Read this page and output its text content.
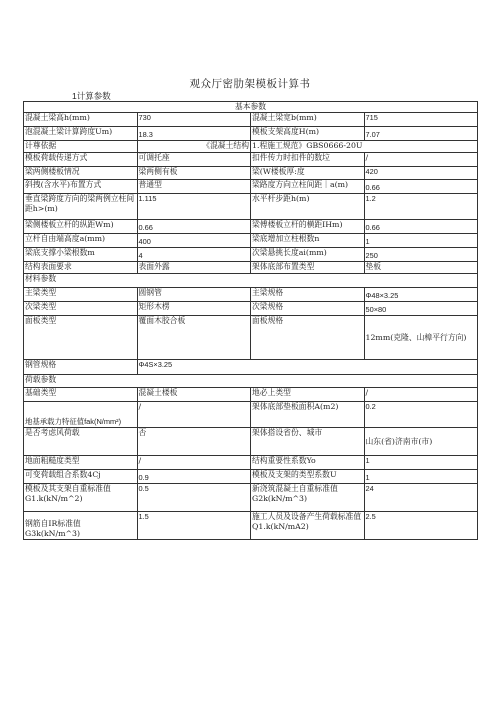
观众厅密肋架模板计算书
1计算参数
基本参数			
混凝土梁高h(mm)	730	混凝土梁宽b(mm)	715
泡混凝土梁计算跨度Um)	18.3	模板支架高度H(m)	7.07
计尊依据	《混凝土结构	1.程施工规范》GBS0666-20U	
模板荷载传递方式	可调托座	扣件传力时扣件的数垃	/
梁两侧楼板情况	梁两侧有板	梁(W楼板厚:度	420
斜拽(含水平)布置方式	普通型	梁路度方向立柱间距｜a(m)	0.66
垂直梁跨度方向的梁两例立柱间距h>(m)	1.115	水平杆步距h(m)	1.2
梁侧楼板立杆的纵距Wm)	0.66	梁傅楼板立杆的横距IHm)	0.66
立杆自由端高度a(mm)	400	梁底增加立柱根数n	1
梁底支撑小梁根数m	4	次梁悬挑长度ai(mm)	250
结构表面要求	表面外露	架体底部布置类型	垫板
材料参数			
主梁类型	圆钢管	主梁规格	Φ48×3.25
次梁类型	矩形木楞	次梁规格	50×80
面板类型	覆面木胶合板	面板规格	12mm(克隆、山樟平行方向)
钢管规格	Φ4S×3.25		
荷载参数			
基础类型	混凝土楼板	地必上类型	/
地基承载力特征值fak(N/mm²)	/	架体底部垫板面积A(m2)	0.2
是否考虑风荷载	否	架体搭设省份、城市	山东(省)济南市(市)
地面粗糙度类型	/	结构重要性系数Yo	1
可变荷载组合系数4Cj	0.9	模板及支架的类型系数U	1
模板及其支架自重标准值G1.k(kN/m^2)	0.5	新浇筑混凝土自重标准值G2k(kN/m^3)	24
钢筋自IR标准值G3k(kN/m^3)	1.5	施工人员及设备产生荷载标准值Q1.k(kN/mA2)	2.5
